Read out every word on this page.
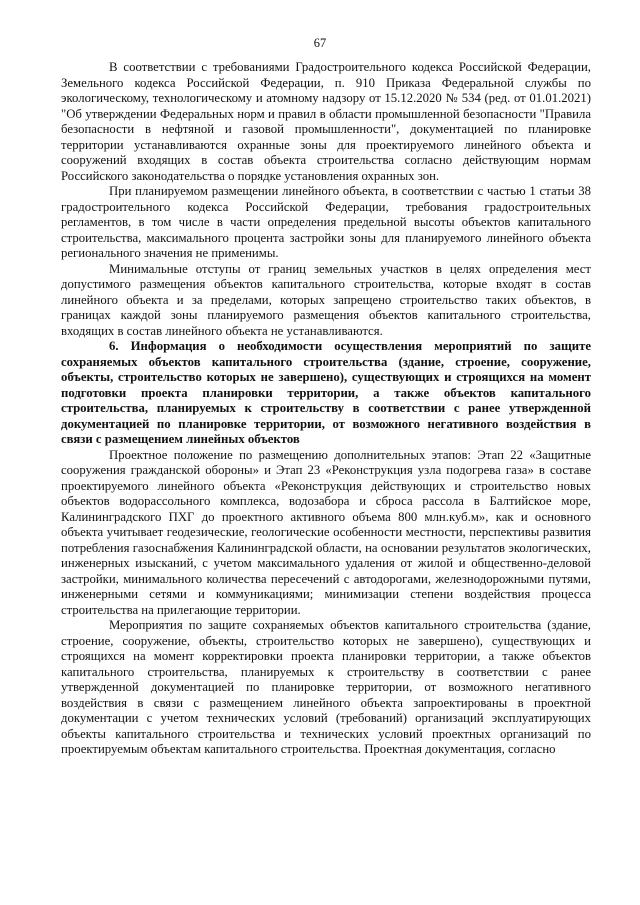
67

В соответствии с требованиями Градостроительного кодекса Российской Федерации, Земельного кодекса Российской Федерации, п. 910 Приказа Федеральной службы по экологическому, технологическому и атомному надзору от 15.12.2020 № 534 (ред. от 01.01.2021) "Об утверждении Федеральных норм и правил в области промышленной безопасности "Правила безопасности в нефтяной и газовой промышленности", документацией по планировке территории устанавливаются охранные зоны для проектируемого линейного объекта и сооружений входящих в состав объекта строительства согласно действующим нормам Российского законодательства о порядке установления охранных зон.

При планируемом размещении линейного объекта, в соответствии с частью 1 статьи 38 градостроительного кодекса Российской Федерации, требования градостроительных регламентов, в том числе в части определения предельной высоты объектов капитального строительства, максимального процента застройки зоны для планируемого линейного объекта регионального значения не применимы.

Минимальные отступы от границ земельных участков в целях определения мест допустимого размещения объектов капитального строительства, которые входят в состав линейного объекта и за пределами, которых запрещено строительство таких объектов, в границах каждой зоны планируемого размещения объектов капитального строительства, входящих в состав линейного объекта не устанавливаются.

6. Информация о необходимости осуществления мероприятий по защите сохраняемых объектов капитального строительства (здание, строение, сооружение, объекты, строительство которых не завершено), существующих и строящихся на момент подготовки проекта планировки территории, а также объектов капитального строительства, планируемых к строительству в соответствии с ранее утвержденной документацией по планировке территории, от возможного негативного воздействия в связи с размещением линейных объектов

Проектное положение по размещению дополнительных этапов: Этап 22 «Защитные сооружения гражданской обороны» и Этап 23 «Реконструкция узла подогрева газа» в составе проектируемого линейного объекта «Реконструкция действующих и строительство новых объектов водорассольного комплекса, водозабора и сброса рассола в Балтийское море, Калининградского ПХГ до проектного активного объема 800 млн.куб.м», как и основного объекта учитывает геодезические, геологические особенности местности, перспективы развития потребления газоснабжения Калининградской области, на основании результатов экологических, инженерных изысканий, с учетом максимального удаления от жилой и общественно-деловой застройки, минимального количества пересечений с автодорогами, железнодорожными путями, инженерными сетями и коммуникациями; минимизации степени воздействия процесса строительства на прилегающие территории.

Мероприятия по защите сохраняемых объектов капитального строительства (здание, строение, сооружение, объекты, строительство которых не завершено), существующих и строящихся на момент корректировки проекта планировки территории, а также объектов капитального строительства, планируемых к строительству в соответствии с ранее утвержденной документацией по планировке территории, от возможного негативного воздействия в связи с размещением линейного объекта запроектированы в проектной документации с учетом технических условий (требований) организаций эксплуатирующих объекты капитального строительства и технических условий проектных организаций по проектируемым объектам капитального строительства. Проектная документация, согласно
